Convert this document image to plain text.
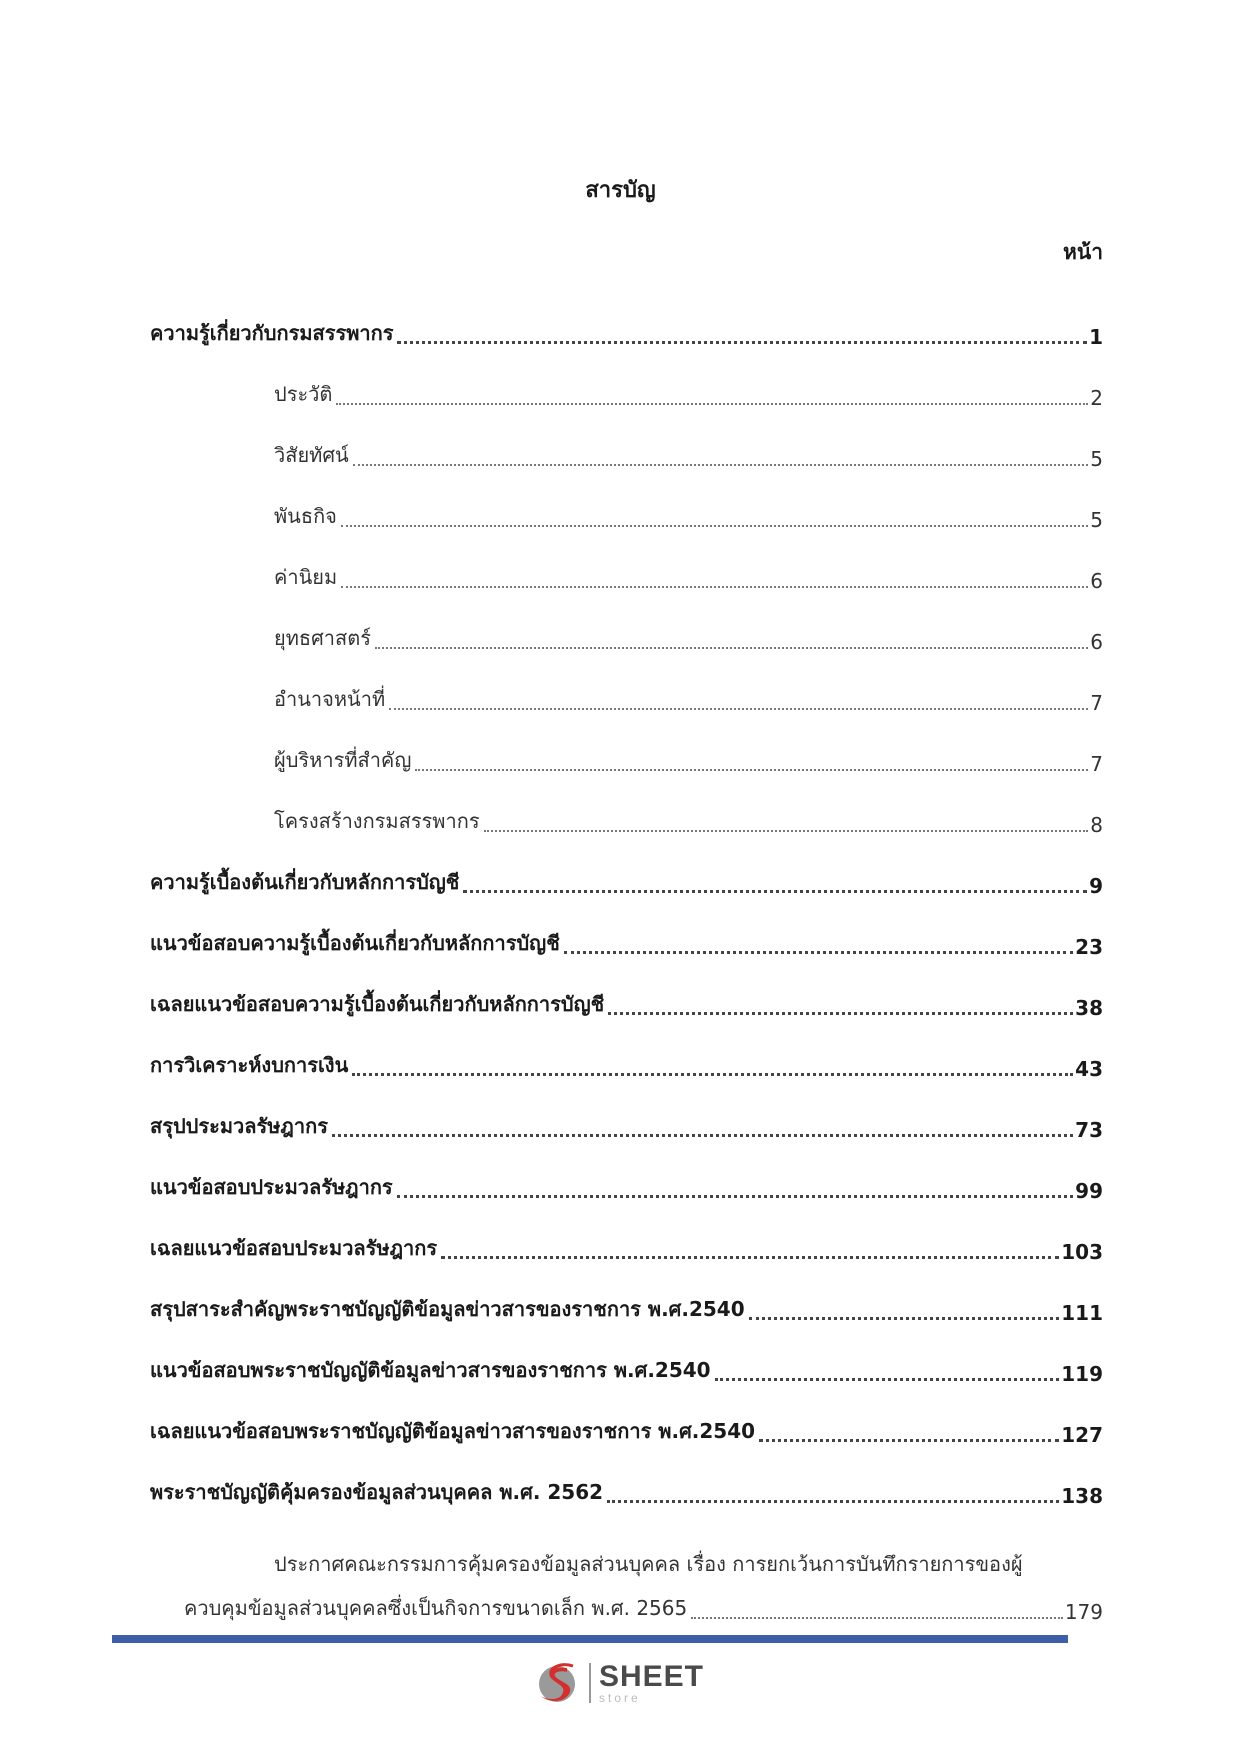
สารบัญ
หน้า
ความรู้เกี่ยวกับกรมสรรพากร	1
ประวัติ	2
วิสัยทัศน์	5
พันธกิจ	5
ค่านิยม	6
ยุทธศาสตร์	6
อำนาจหน้าที่	7
ผู้บริหารที่สำคัญ	7
โครงสร้างกรมสรรพากร	8
ความรู้เบื้องต้นเกี่ยวกับหลักการบัญชี	9
แนวข้อสอบความรู้เบื้องต้นเกี่ยวกับหลักการบัญชี	23
เฉลยแนวข้อสอบความรู้เบื้องต้นเกี่ยวกับหลักการบัญชี	38
การวิเคราะห์งบการเงิน	43
สรุปประมวลรัษฎากร	73
แนวข้อสอบประมวลรัษฎากร	99
เฉลยแนวข้อสอบประมวลรัษฎากร	103
สรุปสาระสำคัญพระราชบัญญัติข้อมูลข่าวสารของราชการ พ.ศ.2540	111
แนวข้อสอบพระราชบัญญัติข้อมูลข่าวสารของราชการ พ.ศ.2540	119
เฉลยแนวข้อสอบพระราชบัญญัติข้อมูลข่าวสารของราชการ พ.ศ.2540	127
พระราชบัญญัติคุ้มครองข้อมูลส่วนบุคคล พ.ศ. 2562	138
ประกาศคณะกรรมการคุ้มครองข้อมูลส่วนบุคคล เรื่อง การยกเว้นการบันทึกรายการของผู้
ควบคุมข้อมูลส่วนบุคคลซึ่งเป็นกิจการขนาดเล็ก พ.ศ. 2565	179
SHEET
store
